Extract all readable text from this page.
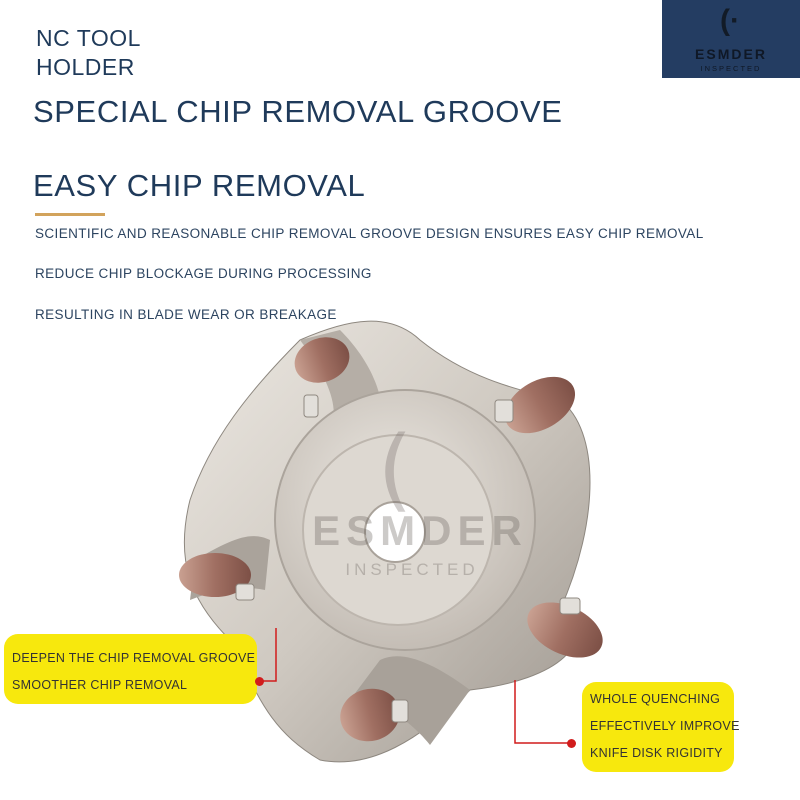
NC TOOL
HOLDER
(·
ESMDER
INSPECTED
SPECIAL CHIP REMOVAL GROOVE
EASY CHIP REMOVAL
SCIENTIFIC AND REASONABLE CHIP REMOVAL GROOVE DESIGN ENSURES EASY CHIP REMOVAL
REDUCE CHIP BLOCKAGE DURING PROCESSING
RESULTING IN BLADE WEAR OR BREAKAGE
(
ESMDER
INSPECTED
DEEPEN THE CHIP REMOVAL GROOVE
SMOOTHER CHIP REMOVAL
WHOLE QUENCHING
EFFECTIVELY IMPROVE
KNIFE DISK RIGIDITY
